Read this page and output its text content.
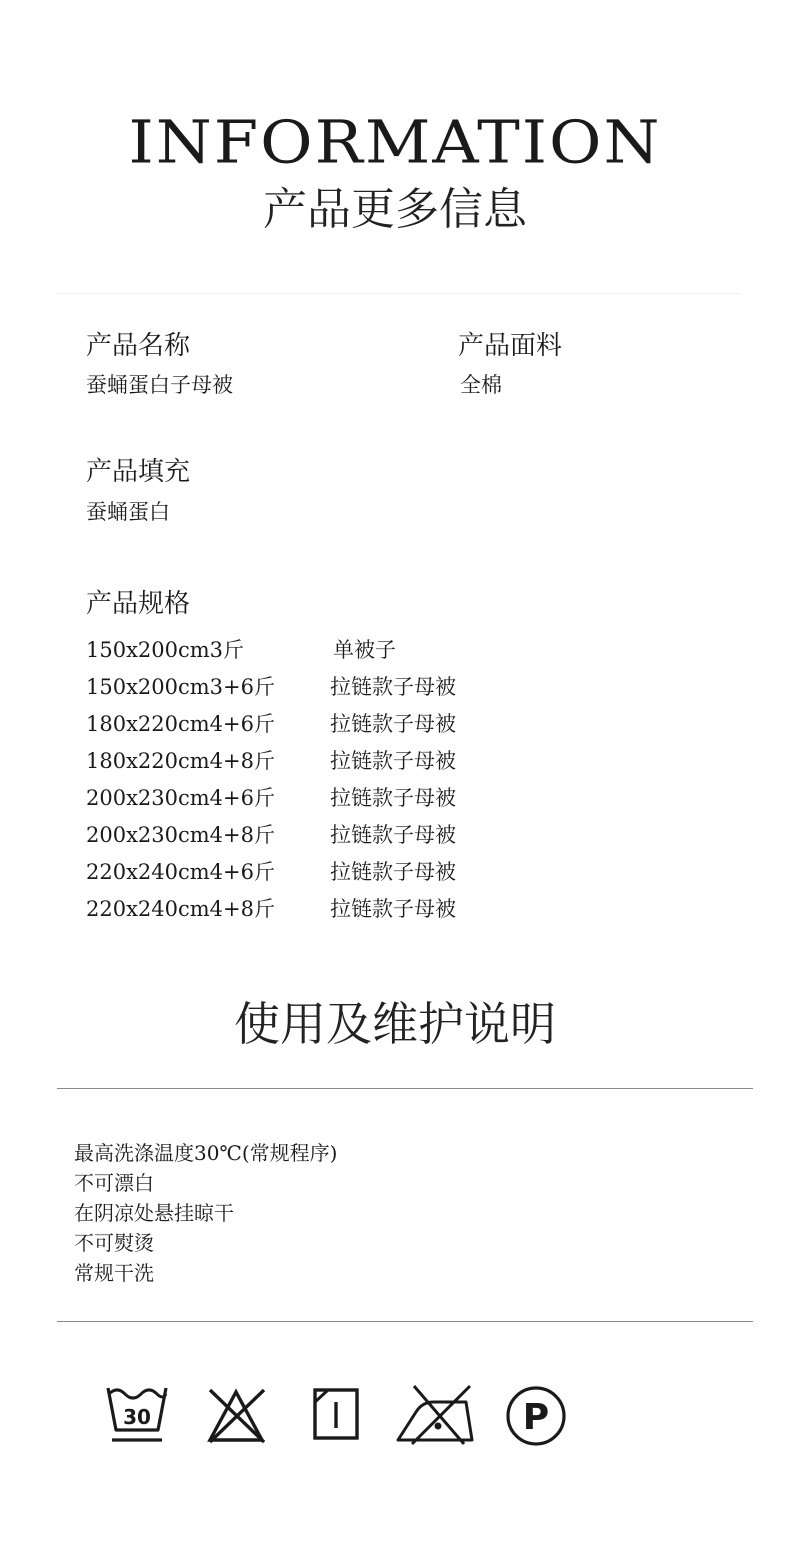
INFORMATION
产品更多信息
产品名称
蚕蛹蛋白子母被
产品面料
全棉
产品填充
蚕蛹蛋白
产品规格
150x200cm3斤	单被子
150x200cm3+6斤	拉链款子母被
180x220cm4+6斤	拉链款子母被
180x220cm4+8斤	拉链款子母被
200x230cm4+6斤	拉链款子母被
200x230cm4+8斤	拉链款子母被
220x240cm4+6斤	拉链款子母被
220x240cm4+8斤	拉链款子母被
使用及维护说明
最高洗涤温度30℃(常规程序)
不可漂白
在阴凉处悬挂晾干
不可熨烫
常规干洗
30	P
